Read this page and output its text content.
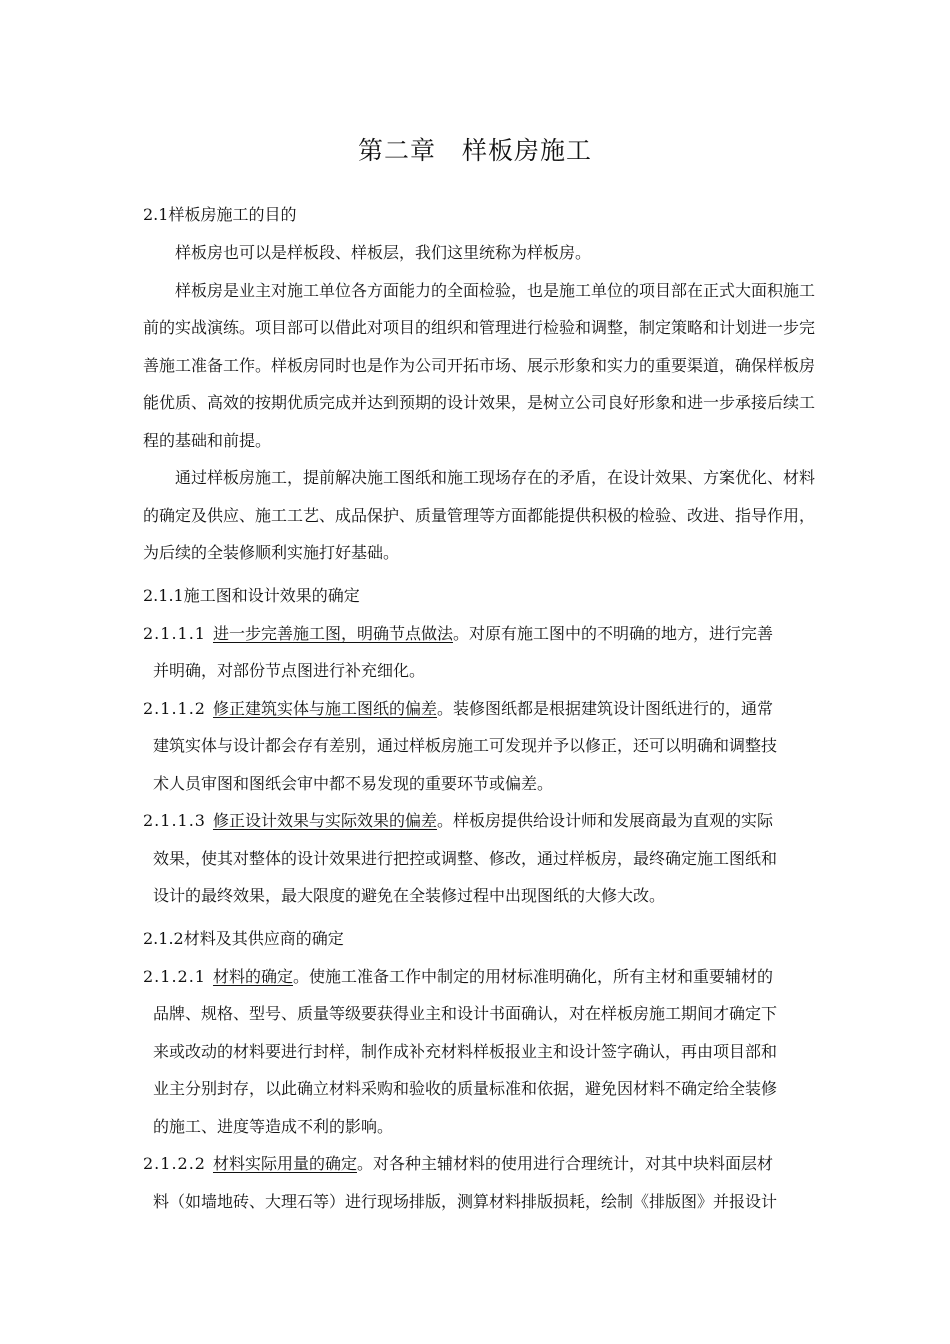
第二章　样板房施工
2.1样板房施工的目的
样板房也可以是样板段、样板层，我们这里统称为样板房。
样板房是业主对施工单位各方面能力的全面检验，也是施工单位的项目部在正式大面积施工前的实战演练。项目部可以借此对项目的组织和管理进行检验和调整，制定策略和计划进一步完善施工准备工作。样板房同时也是作为公司开拓市场、展示形象和实力的重要渠道，确保样板房能优质、高效的按期优质完成并达到预期的设计效果，是树立公司良好形象和进一步承接后续工程的基础和前提。
通过样板房施工，提前解决施工图纸和施工现场存在的矛盾，在设计效果、方案优化、材料的确定及供应、施工工艺、成品保护、质量管理等方面都能提供积极的检验、改进、指导作用，为后续的全装修顺利实施打好基础。
2.1.1施工图和设计效果的确定
2.1.1.1 进一步完善施工图，明确节点做法。对原有施工图中的不明确的地方，进行完善
并明确，对部份节点图进行补充细化。
2.1.1.2 修正建筑实体与施工图纸的偏差。装修图纸都是根据建筑设计图纸进行的，通常
建筑实体与设计都会存有差别，通过样板房施工可发现并予以修正，还可以明确和调整技
术人员审图和图纸会审中都不易发现的重要环节或偏差。
2.1.1.3 修正设计效果与实际效果的偏差。样板房提供给设计师和发展商最为直观的实际
效果，使其对整体的设计效果进行把控或调整、修改，通过样板房，最终确定施工图纸和
设计的最终效果，最大限度的避免在全装修过程中出现图纸的大修大改。
2.1.2材料及其供应商的确定
2.1.2.1 材料的确定。使施工准备工作中制定的用材标准明确化，所有主材和重要辅材的
品牌、规格、型号、质量等级要获得业主和设计书面确认，对在样板房施工期间才确定下
来或改动的材料要进行封样，制作成补充材料样板报业主和设计签字确认，再由项目部和
业主分别封存，以此确立材料采购和验收的质量标准和依据，避免因材料不确定给全装修
的施工、进度等造成不利的影响。
2.1.2.2 材料实际用量的确定。对各种主辅材料的使用进行合理统计，对其中块料面层材
料（如墙地砖、大理石等）进行现场排版，测算材料排版损耗，绘制《排版图》并报设计
